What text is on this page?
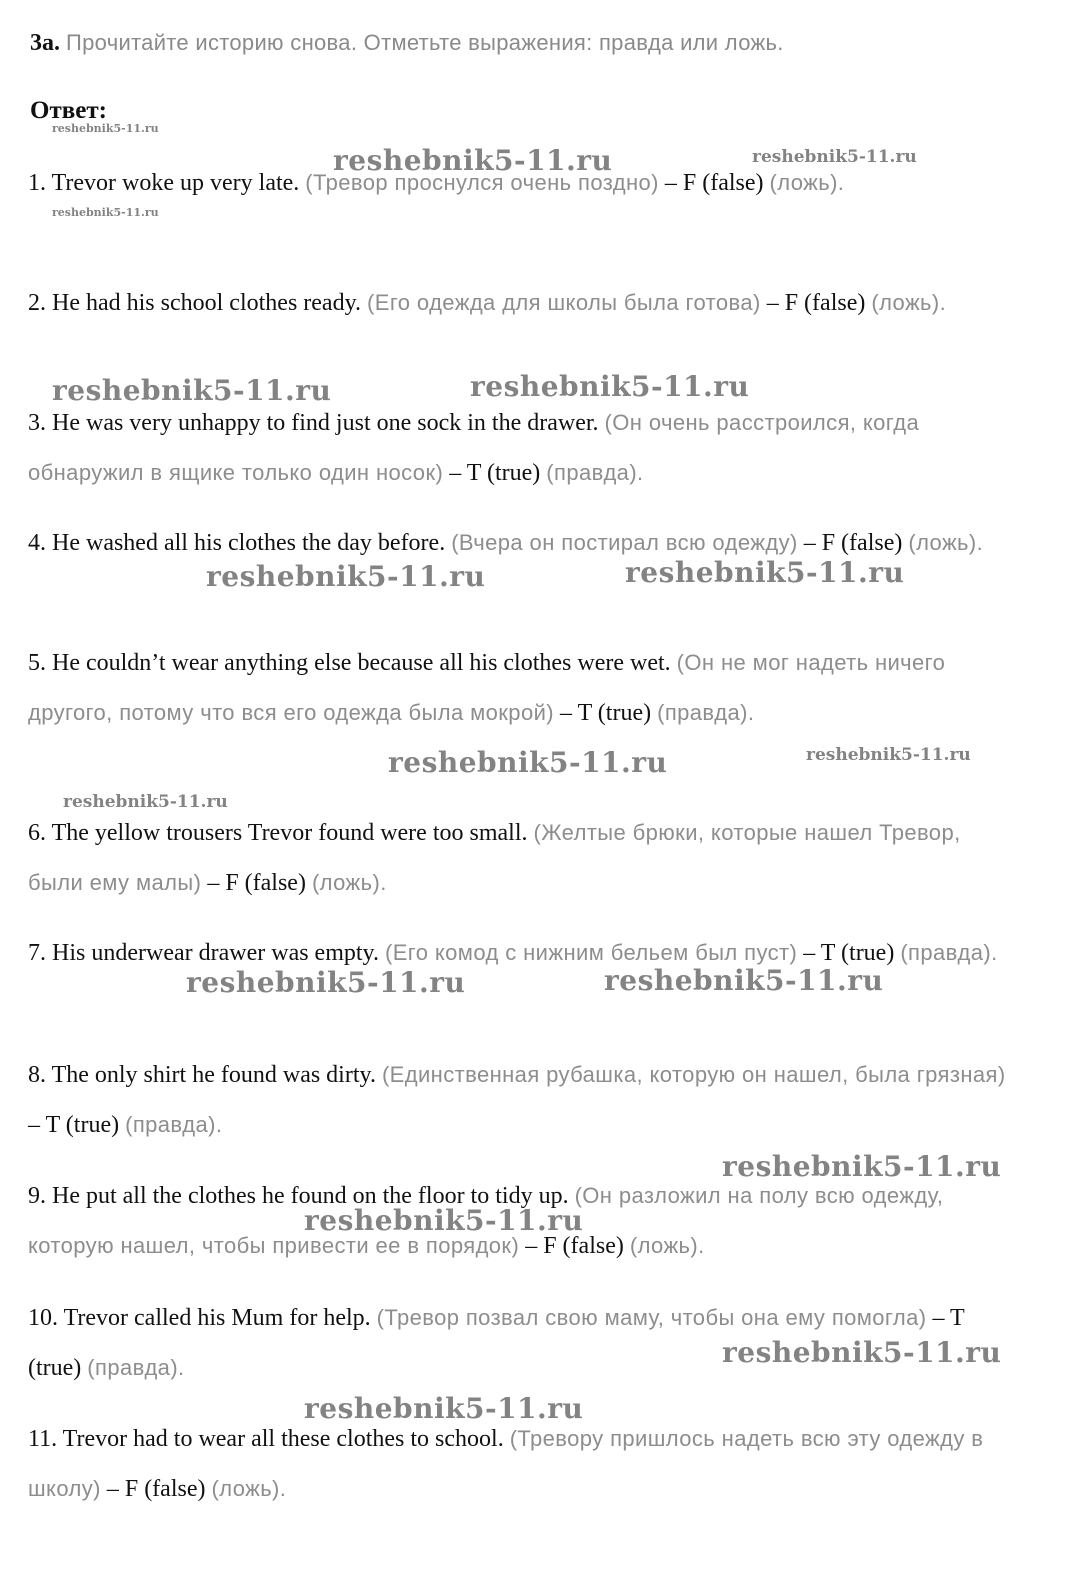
3a. Прочитайте историю снова. Отметьте выражения: правда или ложь.
Ответ:
1. Trevor woke up very late. (Тревор проснулся очень поздно) – F (false) (ложь).
2. He had his school clothes ready. (Его одежда для школы была готова) – F (false) (ложь).
3. He was very unhappy to find just one sock in the drawer. (Он очень расстроился, когда обнаружил в ящике только один носок) – T (true) (правда).
4. He washed all his clothes the day before. (Вчера он постирал всю одежду) – F (false) (ложь).
5. He couldn’t wear anything else because all his clothes were wet. (Он не мог надеть ничего другого, потому что вся его одежда была мокрой) – T (true) (правда).
6. The yellow trousers Trevor found were too small. (Желтые брюки, которые нашел Тревор, были ему малы) – F (false) (ложь).
7. His underwear drawer was empty. (Его комод с нижним бельем был пуст) – T (true) (правда).
8. The only shirt he found was dirty. (Единственная рубашка, которую он нашел, была грязная) – T (true) (правда).
9. He put all the clothes he found on the floor to tidy up. (Он разложил на полу всю одежду, которую нашел, чтобы привести ее в порядок) – F (false) (ложь).
10. Trevor called his Mum for help. (Тревор позвал свою маму, чтобы она ему помогла) – T (true) (правда).
11. Trevor had to wear all these clothes to school. (Тревору пришлось надеть всю эту одежду в школу) – F (false) (ложь).
reshebnik5-11.ru
reshebnik5-11.ru	reshebnik5-11.ru
reshebnik5-11.ru
reshebnik5-11.ru	reshebnik5-11.ru
reshebnik5-11.ru	reshebnik5-11.ru
reshebnik5-11.ru	reshebnik5-11.ru
reshebnik5-11.ru
reshebnik5-11.ru	reshebnik5-11.ru
reshebnik5-11.ru
reshebnik5-11.ru
reshebnik5-11.ru
reshebnik5-11.ru
